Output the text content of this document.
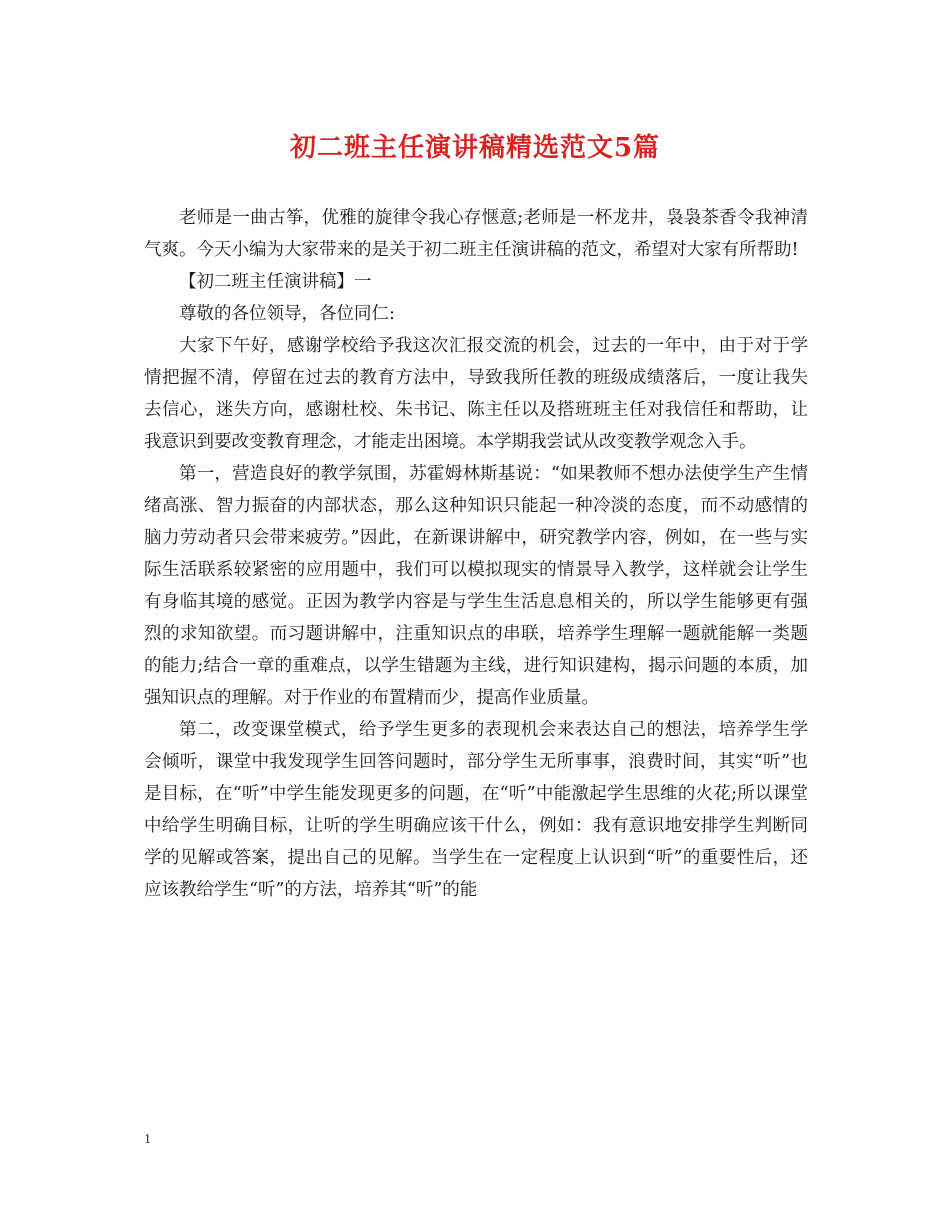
初二班主任演讲稿精选范文5篇

老师是一曲古筝，优雅的旋律令我心存惬意;老师是一杯龙井，袅袅茶香令我神清气爽。今天小编为大家带来的是关于初二班主任演讲稿的范文，希望对大家有所帮助!

【初二班主任演讲稿】一

尊敬的各位领导，各位同仁:

大家下午好，感谢学校给予我这次汇报交流的机会，过去的一年中，由于对于学情把握不清，停留在过去的教育方法中，导致我所任教的班级成绩落后，一度让我失去信心，迷失方向，感谢杜校、朱书记、陈主任以及搭班班主任对我信任和帮助，让我意识到要改变教育理念，才能走出困境。本学期我尝试从改变教学观念入手。

第一，营造良好的教学氛围，苏霍姆林斯基说：“如果教师不想办法使学生产生情绪高涨、智力振奋的内部状态，那么这种知识只能起一种冷淡的态度，而不动感情的脑力劳动者只会带来疲劳。”因此，在新课讲解中，研究教学内容，例如，在一些与实际生活联系较紧密的应用题中，我们可以模拟现实的情景导入教学，这样就会让学生有身临其境的感觉。正因为教学内容是与学生生活息息相关的，所以学生能够更有强烈的求知欲望。而习题讲解中，注重知识点的串联，培养学生理解一题就能解一类题的能力;结合一章的重难点，以学生错题为主线，进行知识建构，揭示问题的本质，加强知识点的理解。对于作业的布置精而少，提高作业质量。

第二，改变课堂模式，给予学生更多的表现机会来表达自己的想法，培养学生学会倾听，课堂中我发现学生回答问题时，部分学生无所事事，浪费时间，其实“听”也是目标，在“听”中学生能发现更多的问题，在“听”中能激起学生思维的火花;所以课堂中给学生明确目标，让听的学生明确应该干什么，例如：我有意识地安排学生判断同学的见解或答案，提出自己的见解。当学生在一定程度上认识到“听”的重要性后，还应该教给学生“听”的方法，培养其“听”的能

1
